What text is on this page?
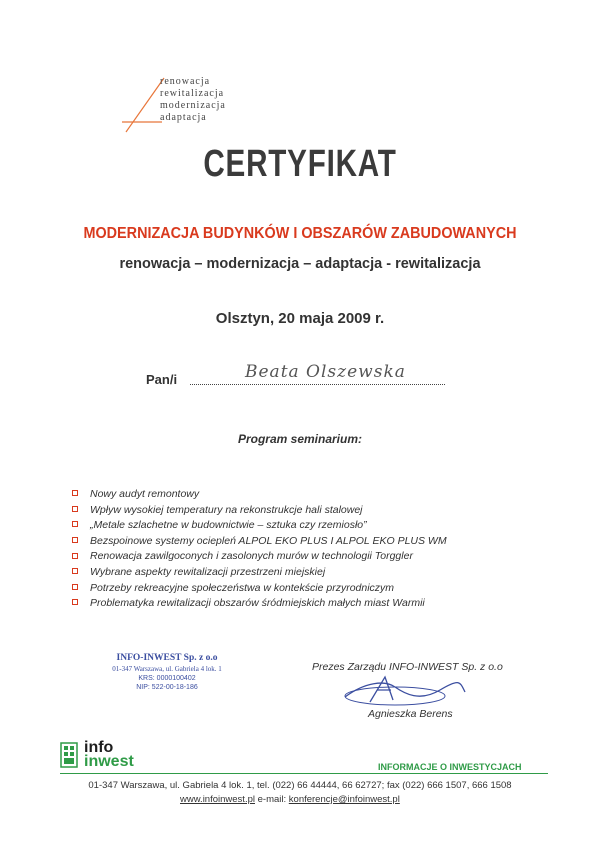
renowacja
rewitalizacja
modernizacja
adaptacja
CERTYFIKAT
MODERNIZACJA BUDYNKÓW I OBSZARÓW ZABUDOWANYCH
renowacja – modernizacja – adaptacja - rewitalizacja
Olsztyn, 20 maja 2009 r.
Pan/i	Beata Olszewska
Program seminarium:
Nowy audyt remontowy
Wpływ wysokiej temperatury na rekonstrukcje hali stalowej
„Metale szlachetne w budownictwie – sztuka czy rzemiosło”
Bezspoinowe systemy ociepleń ALPOL EKO PLUS I ALPOL EKO PLUS WM
Renowacja zawilgoconych i zasolonych murów w technologii Torggler
Wybrane aspekty rewitalizacji przestrzeni miejskiej
Potrzeby rekreacyjne społeczeństwa w kontekście przyrodniczym
Problematyka rewitalizacji obszarów śródmiejskich małych miast Warmii
INFO-INWEST Sp. z o.o
01-347 Warszawa, ul. Gabriela 4 lok. 1
KRS: 0000100402
NIP: 522-00-18-186
Prezes Zarządu INFO-INWEST Sp. z o.o
Agnieszka Berens
info
inwest	INFORMACJE O INWESTYCJACH
01-347 Warszawa, ul. Gabriela 4 lok. 1, tel. (022) 66 44444, 66 62727; fax (022) 666 1507, 666 1508
www.infoinwest.pl e-mail: konferencje@infoinwest.pl
